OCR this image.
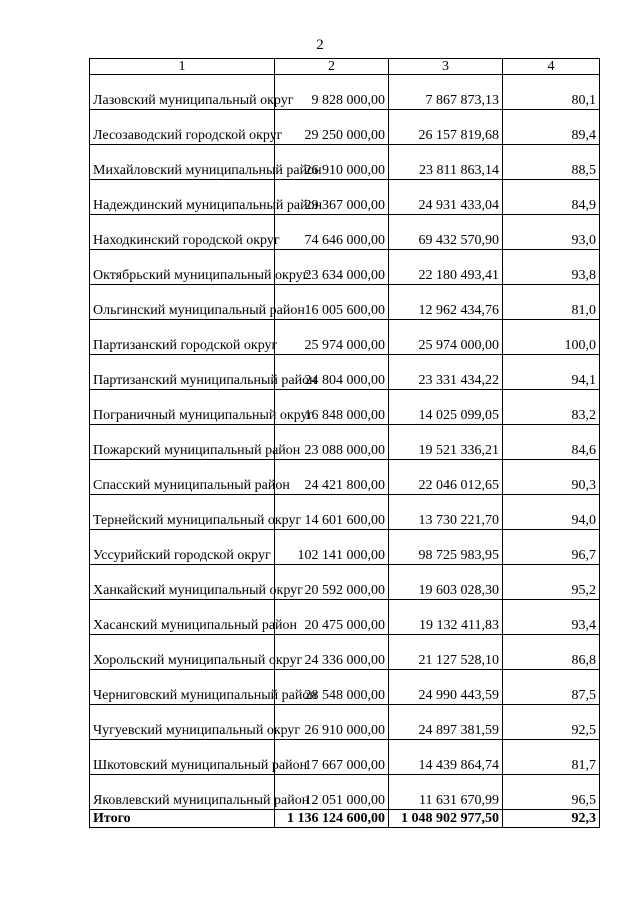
2
1	2	3	4
Лазовский муниципальный округ	9 828 000,00	7 867 873,13	80,1
Лесозаводский городской округ	29 250 000,00	26 157 819,68	89,4
Михайловский муниципальный район	26 910 000,00	23 811 863,14	88,5
Надеждинский муниципальный район	29 367 000,00	24 931 433,04	84,9
Находкинский городской округ	74 646 000,00	69 432 570,90	93,0
Октябрьский муниципальный округ	23 634 000,00	22 180 493,41	93,8
Ольгинский муниципальный район	16 005 600,00	12 962 434,76	81,0
Партизанский городской округ	25 974 000,00	25 974 000,00	100,0
Партизанский муниципальный район	24 804 000,00	23 331 434,22	94,1
Пограничный муниципальный округ	16 848 000,00	14 025 099,05	83,2
Пожарский муниципальный район	23 088 000,00	19 521 336,21	84,6
Спасский муниципальный район	24 421 800,00	22 046 012,65	90,3
Тернейский муниципальный округ	14 601 600,00	13 730 221,70	94,0
Уссурийский городской округ	102 141 000,00	98 725 983,95	96,7
Ханкайский муниципальный округ	20 592 000,00	19 603 028,30	95,2
Хасанский муниципальный район	20 475 000,00	19 132 411,83	93,4
Хорольский муниципальный округ	24 336 000,00	21 127 528,10	86,8
Черниговский муниципальный район	28 548 000,00	24 990 443,59	87,5
Чугуевский муниципальный округ	26 910 000,00	24 897 381,59	92,5
Шкотовский муниципальный район	17 667 000,00	14 439 864,74	81,7
Яковлевский муниципальный район	12 051 000,00	11 631 670,99	96,5
Итого	1 136 124 600,00	1 048 902 977,50	92,3
